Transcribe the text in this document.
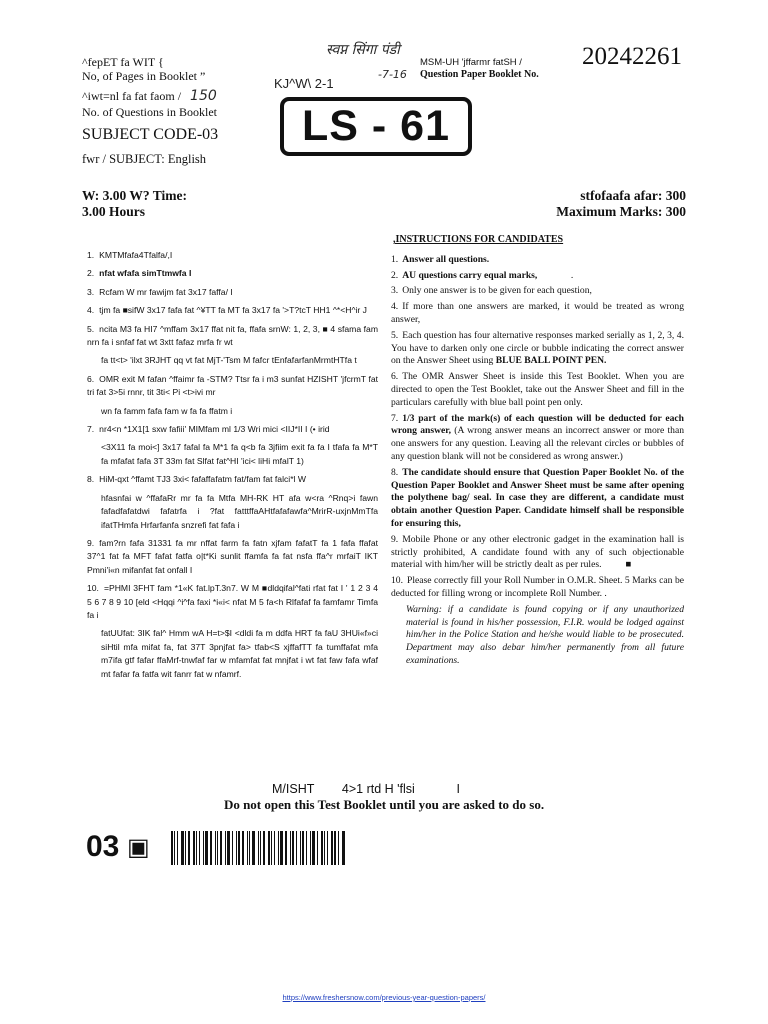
^fepET fa WIT {
No, of Pages in Booklet ”
^iwt=nl fa fat faom / 150
No. of Questions in Booklet
SUBJECT CODE-03
fwr / SUBJECT: English
W: 3.00 W? Time:
3.00 Hours
स्वप्न सिंगा पंडी
KJ^W\ 2-1
-7-16
MSM-UH 'jffarmr fatSH /
Question Paper Booklet No.
20242261
LS - 61
stfofaafa afar: 300
Maximum Marks: 300
1. KMTMfafa4Tfalfa/,I
2. nfat wfafa simTtmwfa I
3. Rcfam W mr fawijm fat 3x17 faffa/ I
4. tjm fa ■sifW 3x17 fafa fat ^¥TT fa MT fa 3x17 fa '>T?tcT HH1 ^*<H^ir J
5. ncita M3 fa HI7 ^mffam 3x17 ffat nit fa, ffafa srnW: 1, 2, 3, ■ 4 sfama fam nrn fa i snfaf fat wt 3xtt fafaz mrfa fr wt
fa tt<t> 'ilxt 3RJHT qq vt fat MjT-'Tsm M fafcr tEnfafarfanMrmtHTfa t
6. OMR exit M fafan ^ffaimr fa -STM? Ttsr fa i m3 sunfat HZISHT 'jfcrmT fat tri fat 3>5i rnnr, tit 3ti< Pi <t>ivi mr
wn fa famm fafa fam w fa fa ffatm i
7. nr4<n *1X1[1 sxw fafiii' MIMfam ml 1/3 Wri mici <IIJ*II I (• irid
<3X11 fa moi<] 3x17 fafal fa M*1 fa q<b fa 3jfiim exit fa fa I tfafa fa M*T fa mfafat fafa 3T 33m fat Slfat fat^HI 'ici< liHi mfalT 1)
8. HiM-qxt ^ffamt TJ3 3xi< fafaffafatm fat/fam fat falci*l W
hfasnfai w ^ffafaRr mr fa fa Mtfa MH-RK HT afa w<ra ^Rnq>i fawn fafadfafatdwi fafatrfa i ?fat fatttffaAHtfafafawfa^MrirR-uxjnMmTfa ifatTHmfa Hrfarfanfa snzrefi fat fafa i
9. fam?rn fafa 31331 fa mr nffat farm fa fatn xjfam fafatT fa 1 fafa ffafat 37^1 fat fa MFT fafat fatfa o|t*Ki sunlit ffamfa fa fat nsfa ffa^r mrfaiT IKT Pmni'i«n mifanfat fat onfall I
10. =PHMI 3FHT fam *1«K fat.lpT.3n7. W M ■dldqifal^fati rfat fat I ' 1 2 3 4 5 6 7 8 9 10 [eld <Hqqi ^i^fa faxi *i«i< nfat M 5 fa<h Rlfafaf fa famfamr Timfa fa i
fatUUfat: 3IK fal^ Hmm wA H=t>$I <dldi fa m ddfa HRT fa faU 3HUi«f»ci siHtil mfa mifat fa, fat 37T 3pnjfat fa> tfab<S xjffafTT fa tumffafat mfa m7ifa gtf fafar ffaMrf-tnwfaf far w mfamfat fat mnjfat i wt fat faw fafa wfaf mt fafar fa fatfa wit fanrr fat w nfamrf.
,INSTRUCTIONS FOR CANDIDATES
1. Answer all questions.
2. AU questions carry equal marks,              .
3. Only one answer is to be given for each question,
4. If more than one answers are marked, it would be treated as wrong answer,
5. Each question has four alternative responses marked serially as 1, 2, 3, 4. You have to darken only one circle or bubble indicating the correct answer on the Answer Sheet using BLUE BALL POINT PEN.
6. The OMR Answer Sheet is inside this Test Booklet. When you are directed to open the Test Booklet, take out the Answer Sheet and fill in the particulars carefully with blue ball point pen only.
7. 1/3 part of the mark(s) of each question will be deducted for each wrong answer, (A wrong answer means an incorrect answer or more than one answers for any question. Leaving all the relevant circles or bubbles of any question blank will not be considered as wrong answer.)
8. The candidate should ensure that Question Paper Booklet No. of the Question Paper Booklet and Answer Sheet must be same after opening the polythene bag/ seal. In case they are different, a candidate must obtain another Question Paper. Candidate himself shall be responsible for ensuring this,
9. Mobile Phone or any other electronic gadget in the examination hall is strictly prohibited, A candidate found with any of such objectionable material with him/her will be strictly dealt as per rules.          ■
10. Please correctly fill your Roll Number in O.M.R. Sheet. 5 Marks can be deducted for filling wrong or incomplete Roll Number. .
Warning: if a candidate is found copying or if any unauthorized material is found in his/her possession, F.I.R. would be lodged against him/her in the Police Station and he/she would liable to be prosecuted. Department may also debar him/her permanently from all future examinations.
M/ISHT        4>1 rtd H 'flsi            I
Do not open this Test Booklet until you are asked to do so.
03 ▣
https://www.freshersnow.com/previous-year-question-papers/
